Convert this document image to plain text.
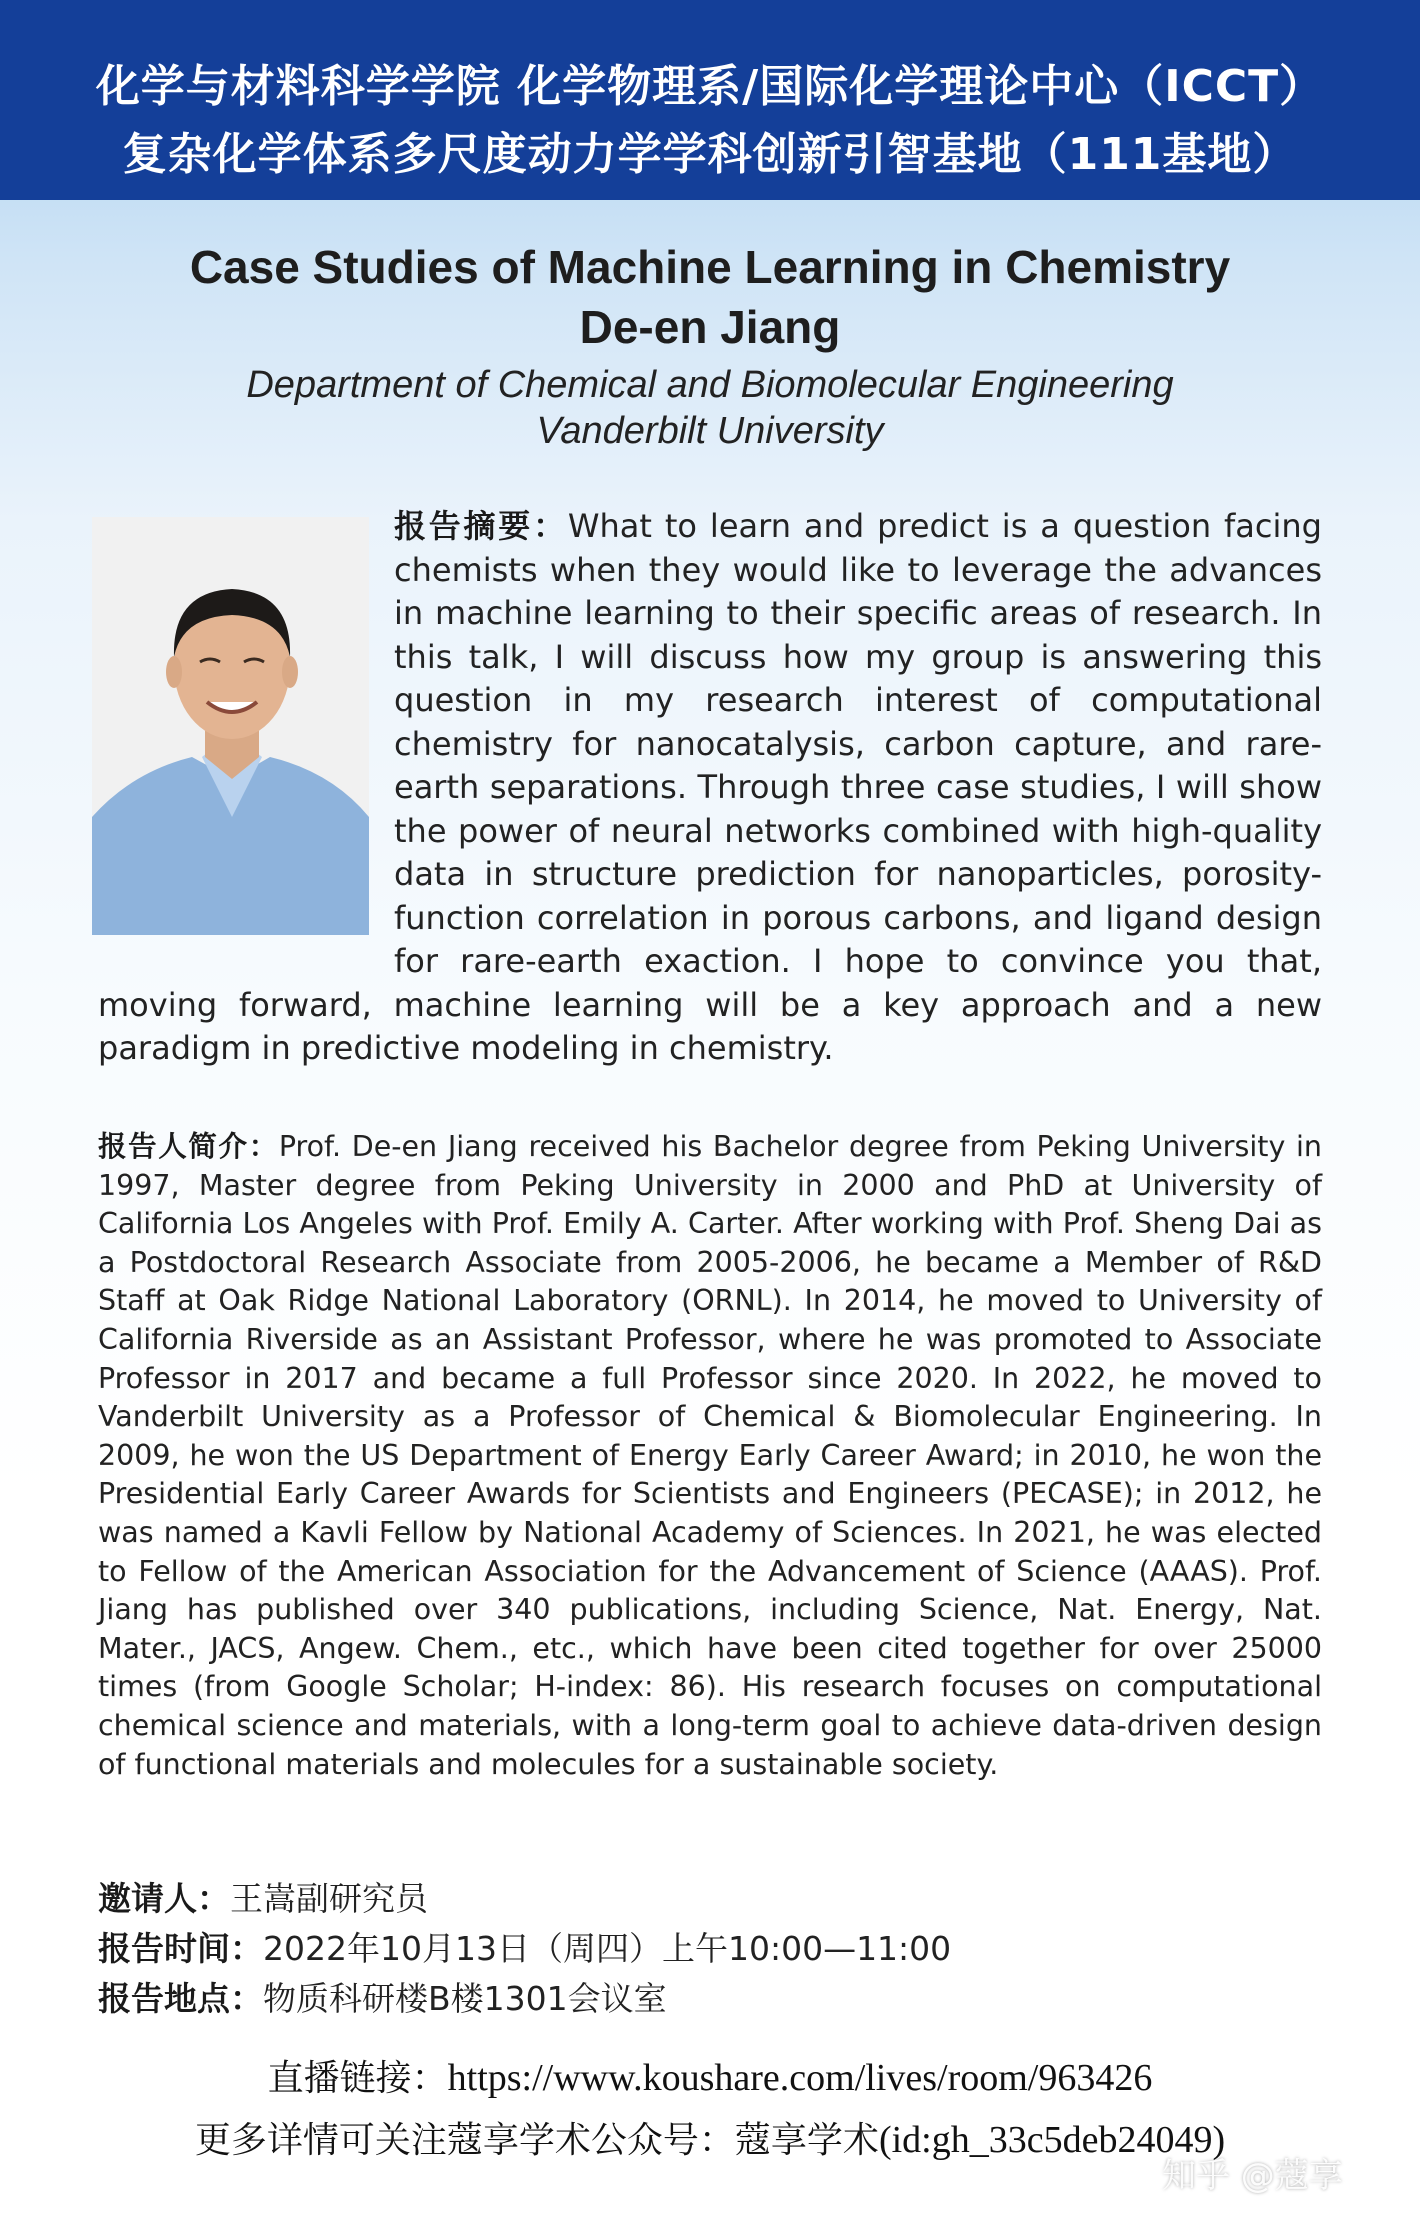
化学与材料科学学院 化学物理系/国际化学理论中心（ICCT）
复杂化学体系多尺度动力学学科创新引智基地（111基地）
Case Studies of Machine Learning in Chemistry
De-en Jiang
Department of Chemical and Biomolecular Engineering
Vanderbilt University
报告摘要：What to learn and predict is a question facing chemists when they would like to leverage the advances in machine learning to their specific areas of research. In this talk, I will discuss how my group is answering this question in my research interest of computational chemistry for nanocatalysis, carbon capture, and rare-earth separations. Through three case studies, I will show the power of neural networks combined with high-quality data in structure prediction for nanoparticles, porosity-function correlation in porous carbons, and ligand design for rare-earth exaction. I hope to convince you that, moving forward, machine learning will be a key approach and a new paradigm in predictive modeling in chemistry.
报告人简介：Prof. De-en Jiang received his Bachelor degree from Peking University in 1997, Master degree from Peking University in 2000 and PhD at University of California Los Angeles with Prof. Emily A. Carter. After working with Prof. Sheng Dai as a Postdoctoral Research Associate from 2005-2006, he became a Member of R&D Staff at Oak Ridge National Laboratory (ORNL). In 2014, he moved to University of California Riverside as an Assistant Professor, where he was promoted to Associate Professor in 2017 and became a full Professor since 2020. In 2022, he moved to Vanderbilt University as a Professor of Chemical & Biomolecular Engineering. In 2009, he won the US Department of Energy Early Career Award; in 2010, he won the Presidential Early Career Awards for Scientists and Engineers (PECASE); in 2012, he was named a Kavli Fellow by National Academy of Sciences. In 2021, he was elected to Fellow of the American Association for the Advancement of Science (AAAS). Prof. Jiang has published over 340 publications, including Science, Nat. Energy, Nat. Mater., JACS, Angew. Chem., etc., which have been cited together for over 25000 times (from Google Scholar; H-index: 86). His research focuses on computational chemical science and materials, with a long-term goal to achieve data-driven design of functional materials and molecules for a sustainable society.
邀请人：王嵩副研究员
报告时间：2022年10月13日（周四）上午10:00—11:00
报告地点：物质科研楼B楼1301会议室
直播链接：https://www.koushare.com/lives/room/963426
更多详情可关注蔻享学术公众号：蔻享学术(id:gh_33c5deb24049)
知乎 @蔻享
